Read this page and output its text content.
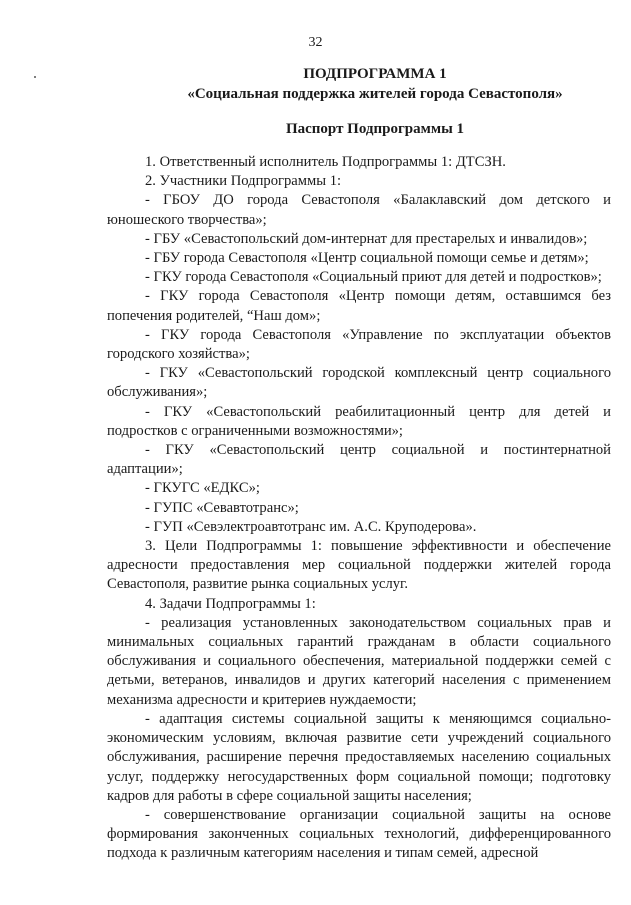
32
ПОДПРОГРАММА 1
«Социальная поддержка жителей города Севастополя»
Паспорт Подпрограммы 1

1. Ответственный исполнитель Подпрограммы 1: ДТСЗН.

2. Участники Подпрограммы 1:

- ГБОУ ДО города Севастополя «Балаклавский дом детского и юношеского творчества»;

- ГБУ «Севастопольский дом-интернат для престарелых и инвалидов»;

- ГБУ города Севастополя «Центр социальной помощи семье и детям»;

- ГКУ города Севастополя «Социальный приют для детей и подростков»;

- ГКУ города Севастополя «Центр помощи детям, оставшимся без попечения родителей, “Наш дом»;

- ГКУ города Севастополя «Управление по эксплуатации объектов городского хозяйства»;

- ГКУ «Севастопольский городской комплексный центр социального обслуживания»;

- ГКУ «Севастопольский реабилитационный центр для детей и подростков с ограниченными возможностями»;

- ГКУ «Севастопольский центр социальной и постинтернатной адаптации»;

- ГКУГС «ЕДКС»;

- ГУПС «Севавтотранс»;

- ГУП «Севэлектроавтотранс им. А.С. Круподерова».

3. Цели Подпрограммы 1: повышение эффективности и обеспечение адресности предоставления мер социальной поддержки жителей города Севастополя, развитие рынка социальных услуг.

4. Задачи Подпрограммы 1:

- реализация установленных законодательством социальных прав и минимальных социальных гарантий гражданам в области социального обслуживания и социального обеспечения, материальной поддержки семей с детьми, ветеранов, инвалидов и других категорий населения с применением механизма адресности и критериев нуждаемости;

- адаптация системы социальной защиты к меняющимся социально-экономическим условиям, включая развитие сети учреждений социального обслуживания, расширение перечня предоставляемых населению социальных услуг, поддержку негосударственных форм социальной помощи; подготовку кадров для работы в сфере социальной защиты населения;

- совершенствование организации социальной защиты на основе формирования законченных социальных технологий, дифференцированного подхода к различным категориям населения и типам семей, адресной
